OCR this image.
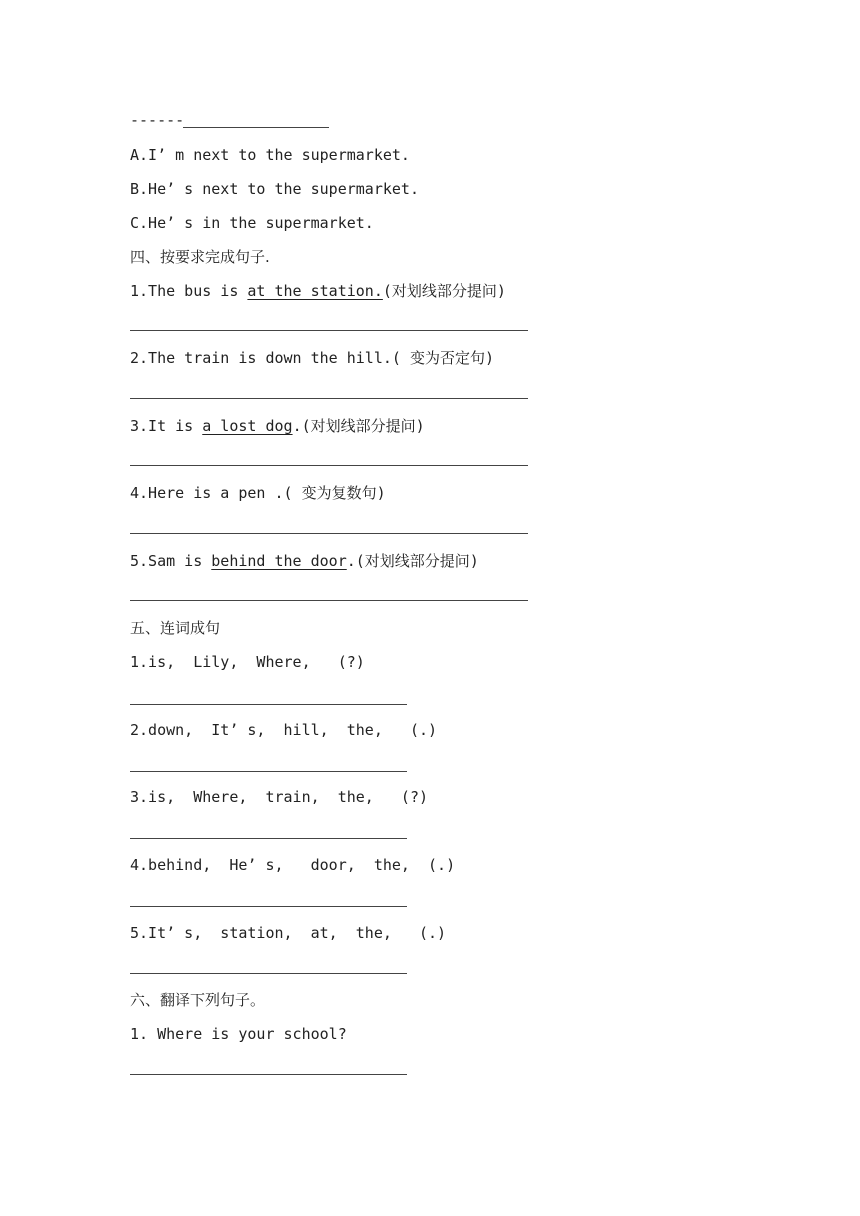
------
A.I’ m next to the supermarket.
B.He’ s next to the supermarket.
C.He’ s in the supermarket.
四、按要求完成句子.
1.The bus is at the station.(对划线部分提问)
2.The train is down the hill.( 变为否定句)
3.It is a lost dog.(对划线部分提问)
4.Here is a pen .( 变为复数句)
5.Sam is behind the door.(对划线部分提问)
五、连词成句
1.is,  Lily,  Where,   (?)
2.down,  It’ s,  hill,  the,   (.)
3.is,  Where,  train,  the,   (?)
4.behind,  He’ s,   door,  the,  (.)
5.It’ s,  station,  at,  the,   (.)
六、翻译下列句子。
1. Where is your school?
